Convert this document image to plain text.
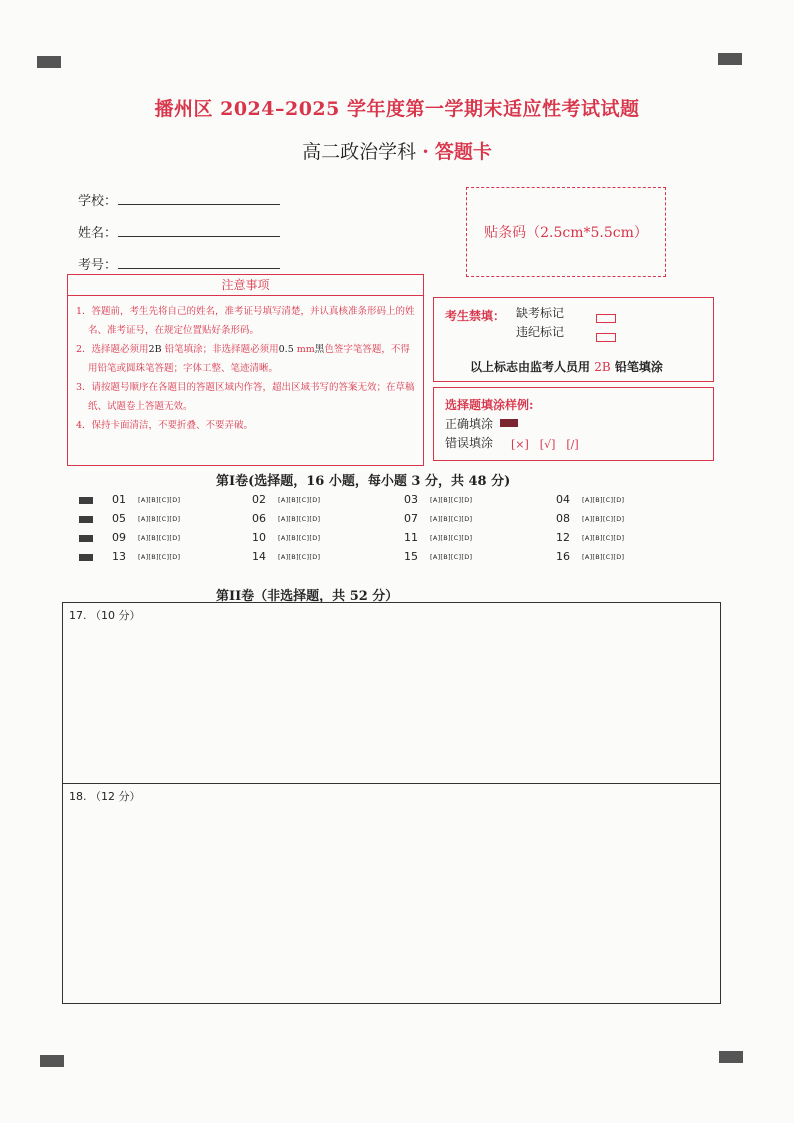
播州区 2024–2025 学年度第一学期末适应性考试试题
高二政治学科 · 答题卡
学校：
姓名：
考号：
贴条码（2.5cm*5.5cm）
注意事项
1．答题前，考生先将自己的姓名，准考证号填写清楚，并认真核准条形码上的姓名、准考证号，在规定位置贴好条形码。
2．选择题必须用2B 铅笔填涂；非选择题必须用0.5 mm黑色签字笔答题，不得用铅笔或圆珠笔答题；字体工整、笔迹清晰。
3．请按题号顺序在各题目的答题区域内作答，超出区域书写的答案无效；在草稿纸、试题卷上答题无效。
4．保持卡面清洁，不要折叠、不要弄破。
考生禁填： 缺考标记
违纪标记
以上标志由监考人员用 2B 铅笔填涂
选择题填涂样例:
正确填涂
错误填涂 [×]　[√]　[/]
第Ⅰ卷(选择题，16 小题，每小题 3 分，共 48 分)
01 [A][B][C][D]	02 [A][B][C][D]	03 [A][B][C][D]	04 [A][B][C][D]
05 [A][B][C][D]	06 [A][B][C][D]	07 [A][B][C][D]	08 [A][B][C][D]
09 [A][B][C][D]	10 [A][B][C][D]	11 [A][B][C][D]	12 [A][B][C][D]
13 [A][B][C][D]	14 [A][B][C][D]	15 [A][B][C][D]	16 [A][B][C][D]
第II卷（非选择题，共 52 分）
17. （10 分）
18. （12 分）
